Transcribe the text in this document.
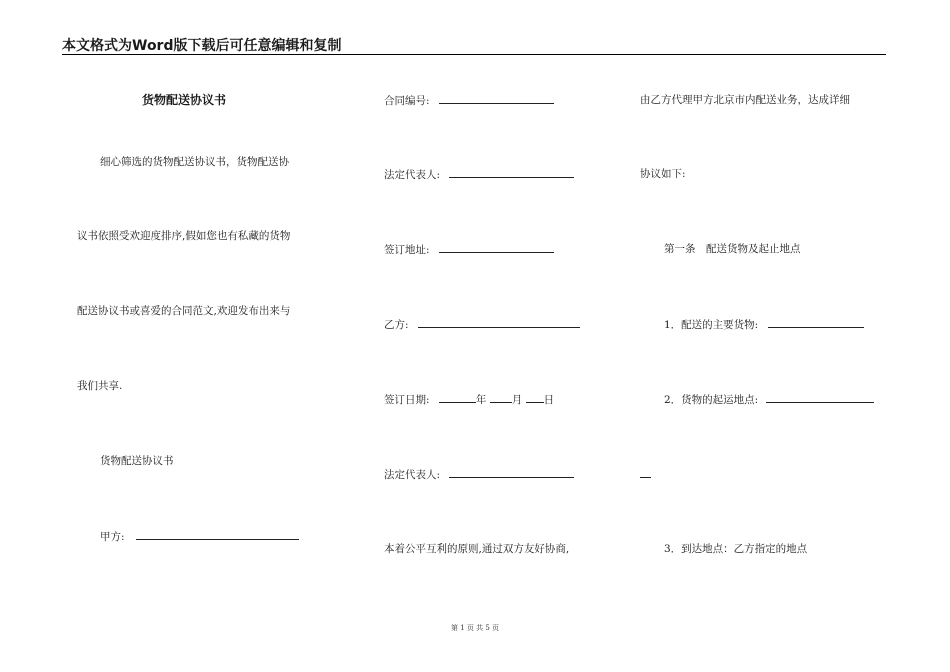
本文格式为Word版下载后可任意编辑和复制
货物配送协议书
细心筛选的货物配送协议书，货物配送协
议书依照受欢迎度排序,假如您也有私藏的货物
配送协议书或喜爱的合同范文,欢迎发布出来与
我们共享.
货物配送协议书
甲方:
合同编号:
法定代表人:
签订地址:
乙方:
签订日期:	年 月 日
法定代表人:
本着公平互利的原则,通过双方友好协商,
由乙方代理甲方北京市内配送业务，达成详细
协议如下:
第一条　配送货物及起止地点
1．配送的主要货物:
2．货物的起运地点:
3．到达地点：乙方指定的地点
第 1 页 共 5 页
